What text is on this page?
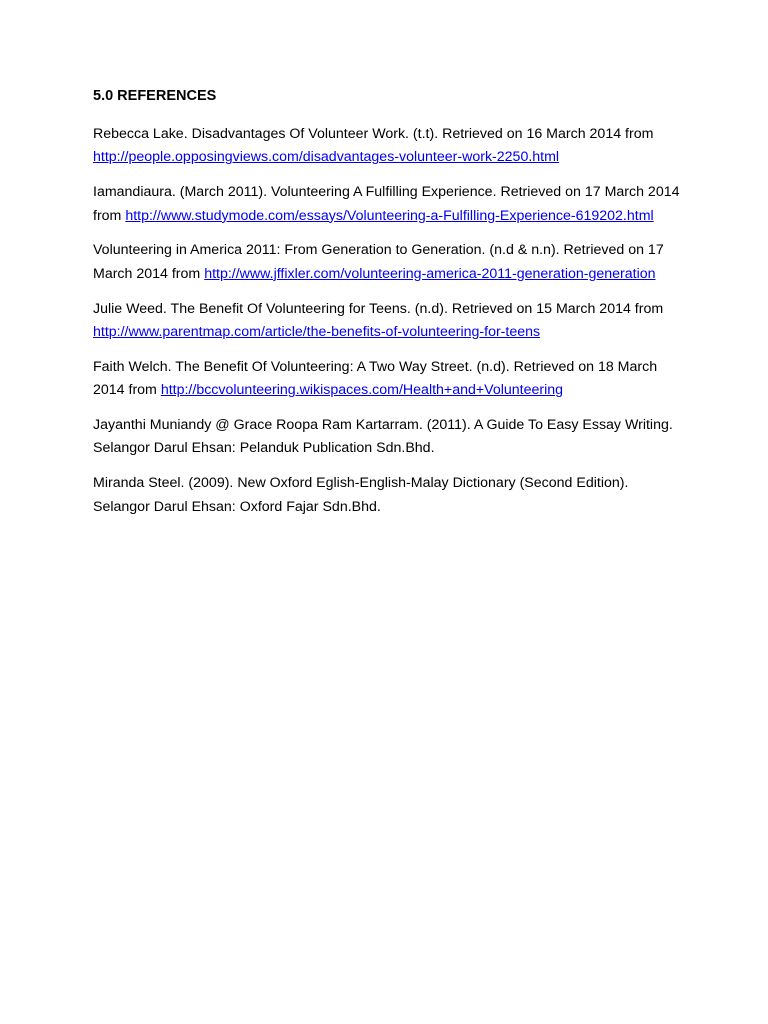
5.0 REFERENCES

Rebecca Lake. Disadvantages Of Volunteer Work. (t.t). Retrieved on 16 March 2014 from http://people.opposingviews.com/disadvantages-volunteer-work-2250.html

Iamandiaura. (March 2011). Volunteering A Fulfilling Experience. Retrieved on 17 March 2014 from http://www.studymode.com/essays/Volunteering-a-Fulfilling-Experience-619202.html

Volunteering in America 2011: From Generation to Generation. (n.d & n.n). Retrieved on 17 March 2014 from http://www.jffixler.com/volunteering-america-2011-generation-generation

Julie Weed. The Benefit Of Volunteering for Teens. (n.d). Retrieved on 15 March 2014 from http://www.parentmap.com/article/the-benefits-of-volunteering-for-teens

Faith Welch. The Benefit Of Volunteering: A Two Way Street. (n.d). Retrieved on 18 March 2014 from http://bccvolunteering.wikispaces.com/Health+and+Volunteering

Jayanthi Muniandy @ Grace Roopa Ram Kartarram. (2011). A Guide To Easy Essay Writing. Selangor Darul Ehsan: Pelanduk Publication Sdn.Bhd.

Miranda Steel. (2009). New Oxford Eglish-English-Malay Dictionary (Second Edition). Selangor Darul Ehsan: Oxford Fajar Sdn.Bhd.
